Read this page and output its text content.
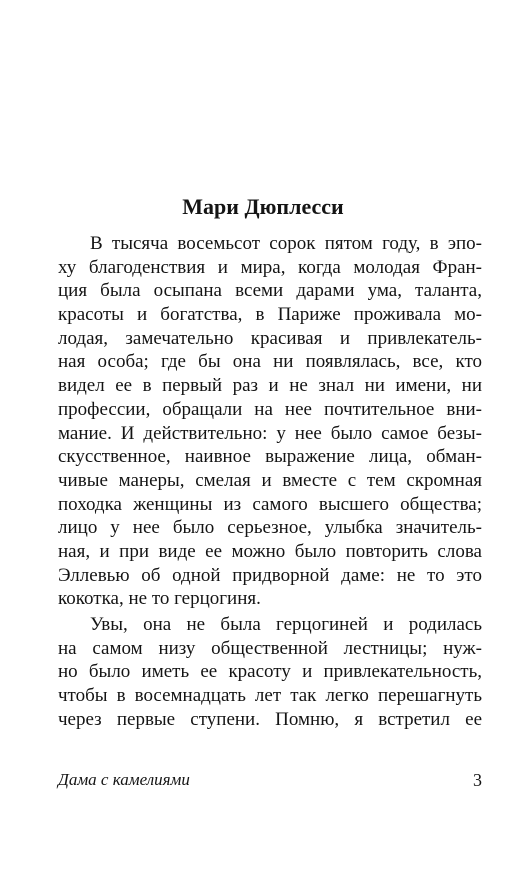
Мари Дюплесси
В тысяча восемьсот сорок пятом году, в эпо-
ху благоденствия и мира, когда молодая Фран-
ция была осыпана всеми дарами ума, таланта,
красоты и богатства, в Париже проживала мо-
лодая, замечательно красивая и привлекатель-
ная особа; где бы она ни появлялась, все, кто
видел ее в первый раз и не знал ни имени, ни
профессии, обращали на нее почтительное вни-
мание. И действительно: у нее было самое безы-
скусственное, наивное выражение лица, обман-
чивые манеры, смелая и вместе с тем скромная
походка женщины из самого высшего общества;
лицо у нее было серьезное, улыбка значитель-
ная, и при виде ее можно было повторить слова
Эллевью об одной придворной даме: не то это
кокотка, не то герцогиня.
Увы, она не была герцогиней и родилась
на самом низу общественной лестницы; нуж-
но было иметь ее красоту и привлекательность,
чтобы в восемнадцать лет так легко перешагнуть
через первые ступени. Помню, я встретил ее
Дама с камелиями	3
